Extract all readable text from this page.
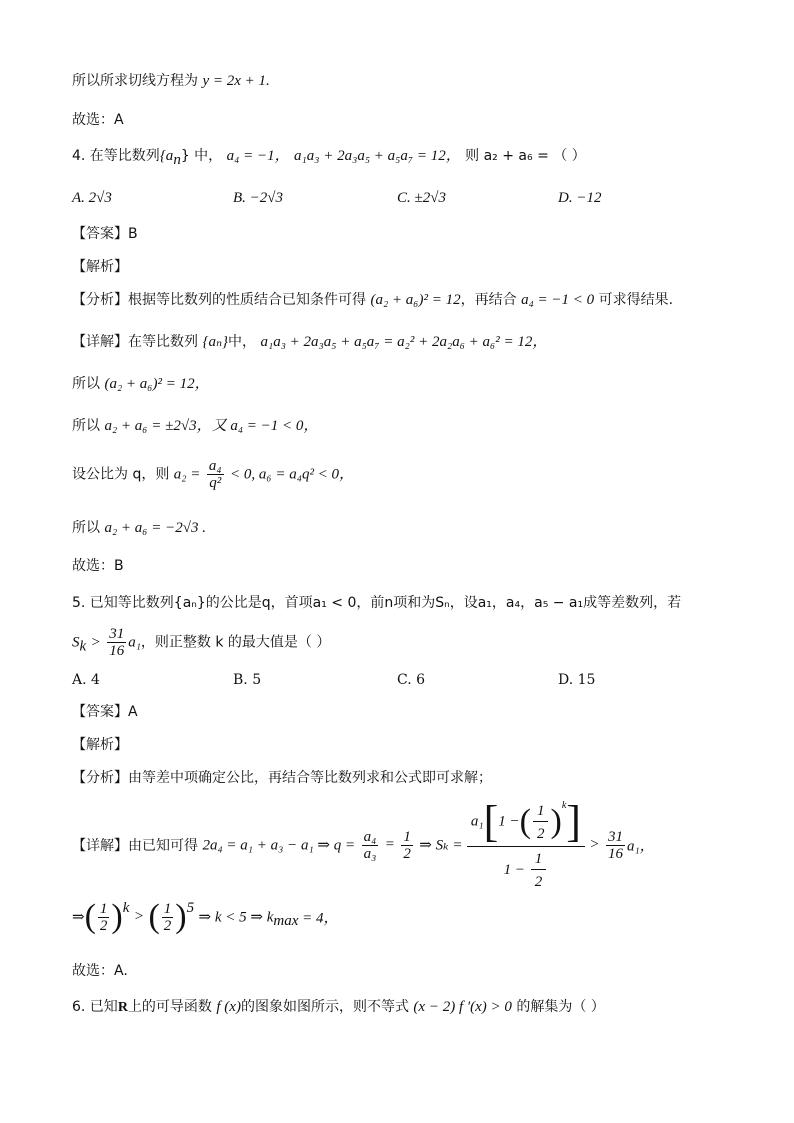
所以所求切线方程为 y = 2x + 1.
故选：A
4. 在等比数列$\{a_n\}$ 中， a₄ = −1， a₁a₃ + 2a₃a₅ + a₅a₇ = 12， 则 a₂ + a₆ = （ ）
A. 2√3	B. −2√3	C. ±2√3	D. −12
【答案】B
【解析】
【分析】根据等比数列的性质结合已知条件可得 (a₂ + a₆)² = 12，再结合 a₄ = −1 < 0 可求得结果.
【详解】在等比数列 {aₙ}中， a₁a₃ + 2a₃a₅ + a₅a₇ = a₂² + 2a₂a₆ + a₆² = 12，
所以 (a₂ + a₆)² = 12，
所以 a₂ + a₆ = ±2√3，又 a₄ = −1 < 0，
设公比为 q，则 $a_2 = \frac{\text{a₄}}{\text{q²}} < 0$, a₆ = a₄q² < 0，
所以 a₂ + a₆ = −2√3 .
故选：B
5. 已知等比数列{aₙ}的公比是q，首项a₁ < 0，前n项和为Sₙ，设a₁，a₄，a₅ − a₁成等差数列，若
$S_k > \frac{31}{16} a_1$，则正整数 k 的最大值是（ ）
A. 4	B. 5	C. 6	D. 15
【答案】A
【解析】
【分析】由等差中项确定公比，再结合等比数列求和公式即可求解；
【详解】由已知可得 2a₄ = a₁ + a₃ − a₁ ⇒ $q = \frac{\text{a₄}}{\text{a₃}} = \frac{1}{2}$ ⇒ $S_k = \frac{a_1[1 -( \frac{1}{2} )^k]}{1 - \frac{1}{2}} > \frac{31}{16} a_1$，
⇒( $\frac{1}{2} )^k$ > ( $\frac{1}{2} )^5$ ⇒ k < 5 ⇒ $k_{max} = 4$，
故选：A.
6. 已知R上的可导函数 f (x)的图象如图所示，则不等式 (x − 2) f ′(x) > 0 的解集为（ ）
